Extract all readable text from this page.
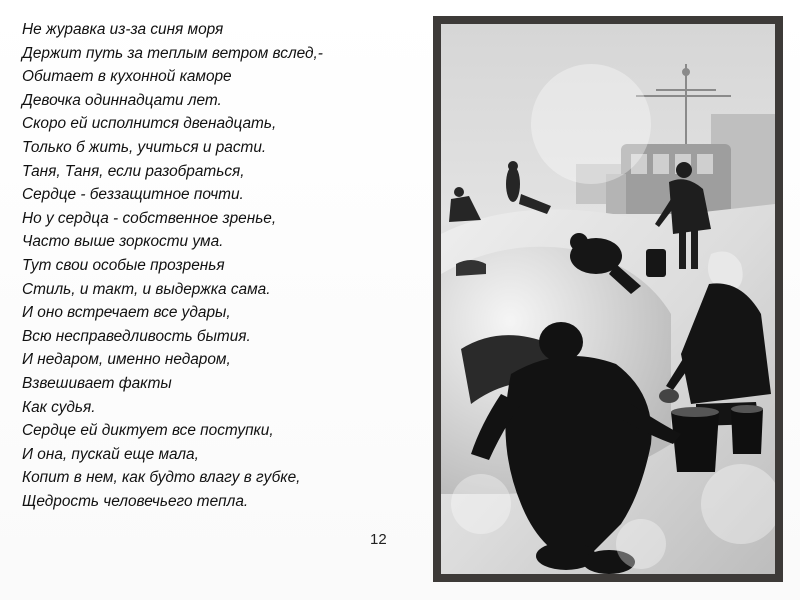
Не журавка из-за синя моря
Держит путь за теплым ветром вслед,-
Обитает в кухонной каморе
Девочка одиннадцати лет.
Скоро ей исполнится двенадцать,
Только б жить, учиться и расти.
Таня, Таня, если разобраться,
Сердце - беззащитное почти.
Но у сердца - собственное зренье,
Часто выше зоркости ума.
Тут свои особые прозренья
Стиль, и такт, и выдержка сама.
И оно встречает все удары,
Всю несправедливость бытия.
И недаром, именно недаром,
Взвешивает факты
Как судья.
Сердце ей диктует все поступки,
И она, пускай еще мала,
Копит в нем, как будто влагу в губке,
Щедрость человечьего тепла.
12
